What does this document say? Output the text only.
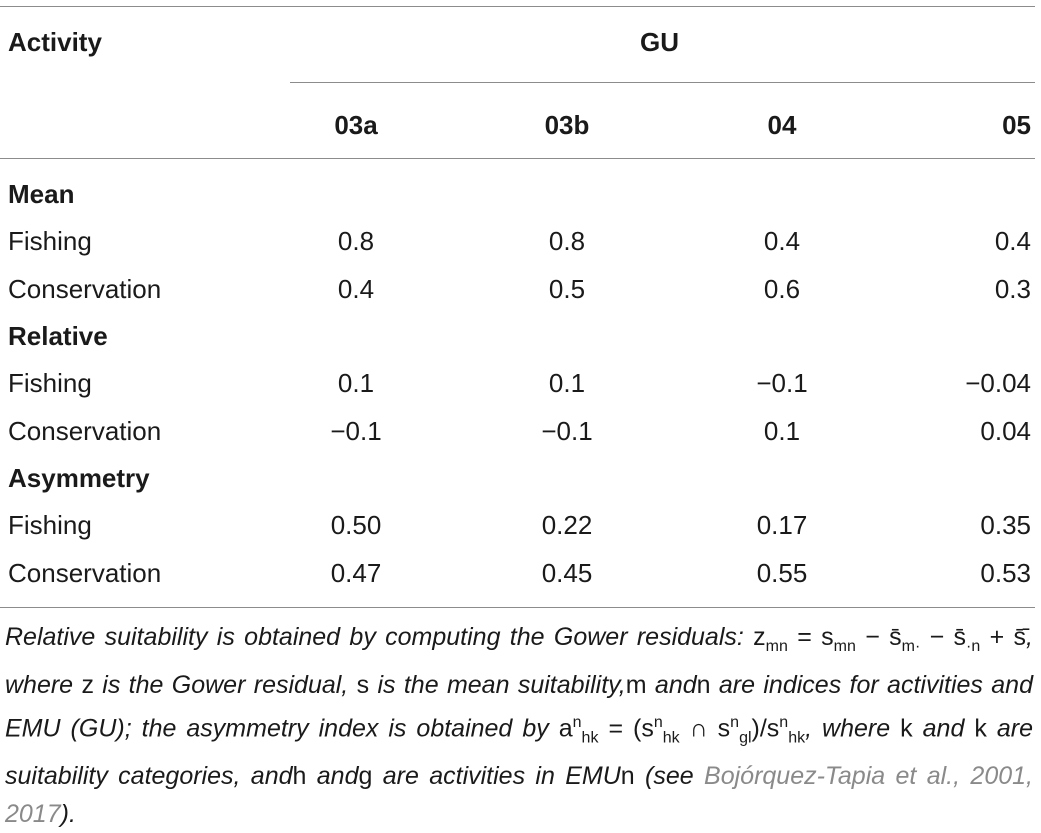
Activity	GU
03a	03b	04	05
Mean
Fishing	0.8	0.8	0.4	0.4
Conservation	0.4	0.5	0.6	0.3
Relative
Fishing	0.1	0.1	−0.1	−0.04
Conservation	−0.1	−0.1	0.1	0.04
Asymmetry
Fishing	0.50	0.22	0.17	0.35
Conservation	0.47	0.45	0.55	0.53
Relative suitability is obtained by computing the Gower residuals: $z_{mn} = s_{mn}$ − $s̄_{m\cdot}$ − $s̄_{\cdot n}$ + s̄̄, where z is the Gower residual, s is the mean suitability,m andn are indices for activities and EMU (GU); the asymmetry index is obtained by $a^n_{hk} = (s^n_{hk}$ ∩ $s^n_{gl})/s^n_{hk}$, where k and k are suitability categories, andh andg are activities in EMUn (see Bojórquez-Tapia et al., 2001, 2017).
